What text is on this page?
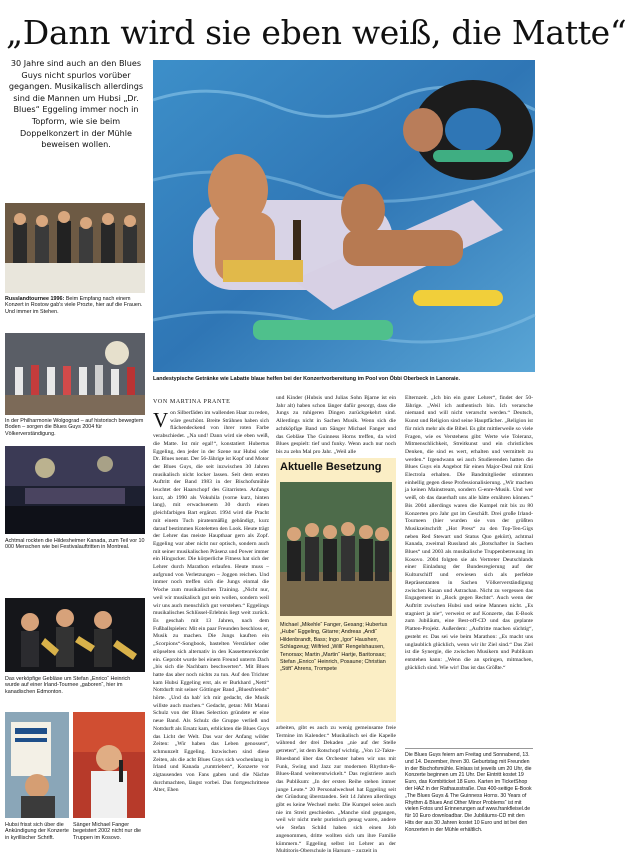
„Dann wird sie eben weiß, die Matte“
30 Jahre sind auch an den Blues Guys nicht spurlos vorüber gegangen. Musikalisch allerdings sind die Mannen um Hubsi „Dr. Blues“ Eggeling immer noch in Topform, wie sie beim Doppelkonzert in der Mühle beweisen wollen.
Landestypische Getränke wie Labatte blaue helfen bei der Konzertvorbereitung im Pool von Öbbi Oberbeck in Lanoraie.
Russlandtournee 1996: Beim Empfang nach einem Konzert in Rostow gab's viele Prozte, hier auf die Frauen. Und immer im Stehen.
In der Philharmonie Wolgograd – auf historisch bewegtem Boden – sorgen die Blues Guys 2004 für Völkerverständigung.
Achtmal rockten die Hildesheimer Kanada, zum Teil vor 10 000 Menschen wie bei Festivalauftritten in Montreal.
Das verköpfige Gebläse um Stefan „Enrico“ Heinrich wurde auf einer Irland-Tournee „gaboren“, hier im kanadischen Edmonton.
Hubsi frisst sich über die Ankündigung der Konzerte in kyrillischer Schrift.
Sänger Michael Fanger begeistert 2002 nicht nur die Truppen im Kosovo.
VON MARTINA PRANTE
Von Silberfäden im wallenden Haar zu reden, wäre geschönt. Breite Strähnen haben sich flächendeckend von ihrer roten Farbe verabschiedet. „Na und! Dann wird sie eben weiß, die Matte. Ist mir egal!“, konstatiert Hubertus Eggeling, den jeder in der Szene nur Hubsi oder Dr. Blues nennt. Der 56-Jährige ist Kopf und Motor der Blues Guys, die seit inzwischen 30 Jahren musikalisch nicht locker lassen. Seit dem ersten Auftritt der Band 1983 in der Bischofsmühle leuchtet der Haarschopf des Gitarristen. Anfangs kurz, ab 1990 als Vokuhila (vorne kurz, hinten lang), mit erwachsenem 30 durch einen gleichfarbigen Bart ergänzt. 1994 wird die Pracht mit einem Tuch piratenmäßig gebändigt, kurz darauf bestimmen Koteletten den Look. Heute trägt der Lehrer das meiste Haupthaar gern als Zopf. Eggeling war aber nicht nur optisch, sondern auch mit seiner musikalischen Präsenz und Power immer ein Hingucker. Die körperliche Fitness hat sich der Lehrer durch Marathon erlaufen. Heute muss – aufgrund von Verletzungen – Joggen reichen. Und immer noch treffen sich die Jungs einmal die Woche zum musikalischen Training. „Nicht nur, weil wir musikalisch gut sein wollen, sondern weil wir uns auch menschlich gut verstehen.“ Eggelings musikalisches Schlüssel-Erlebnis liegt weit zurück. Es geschah mit 13 Jahren, nach dem Fußballspielen: Mit ein paar Freunden beschloss er, Musik zu machen. Die Jungs kauften ein „Scorpions“-Songbook, bastelten Verstärker oder stöpselten sich alternativ in den Kassettenrekorder ein. Geprobt wurde bei einem Freund unterm Dach „bis sich die Nachbarn beschwerten“. Mit Blues hatte das aber noch nichts zu tun. Auf den Trichter kam Hubsi Eggeling erst, als er Burkhard „Netti“ Nottdurft mit seiner Göttinger Band „Bluesfriends“ hörte. „Und da hab' ich mir gedacht, die Musik willste auch machen.“ Gedacht, getan: Mit Manni Schulz von der Blues Selection gründete er eine neue Band. Als Schulz die Gruppe verließ und Nottdurft als Ersatz kam, erblickten die Blues Guys das Licht der Welt. Das war der Anfang wilder Zeiten: „Wir haben das Leben genossen“, schmunzelt Eggeling. Inzwischen sind diese Zeiten, als die acht Blues Guys sich wochenlang in Irland und Kanada „rumtrieben“, Konzerte vor zigtausenden von Fans gaben und die Nächte durchmachten, längst vorbei. Das fortgeschrittene Alter, Ehen
und Kinder (Hubsis und Julias Sohn Bjarne ist ein Jahr alt) haben schon länger dafür gesorgt, dass die Jungs zu ruhigeren Dingen zurückgekehrt sind. Allerdings nicht in Sachen Musik. Wenn sich die achtköpfige Band um Sänger Michael Fanger und das Gebläse The Guinness Horns treffen, da wird Blues gespielt: tief und funky. Wenn auch nur noch bis zu zehn Mal pro Jahr. „Weil alle
Aktuelle Besetzung
Michael „Mikehle“ Fanger, Gesang; Hubertus „Hube“ Eggeling, Gitarre; Andreas „Andi“ Hildenbrandt, Bass; Ingo „Igor“ Hausherr, Schlagzeug; Wilfried „Willi“ Rengelshausen, Tenorsax; Martin „Martin“ Hartje, Baritonsax; Stefan „Enrico“ Heinrich, Posaune; Christian „Stift“ Ahrens, Trompete
arbeiten, gibt es auch zu wenig gemeinsame freie Termine im Kalender.“ Musikalisch sei die Kapelle während der drei Dekaden „nie auf der Stelle getreten“, ist dem Rotschopf wichtig. „Von 12-Takte-Bluesband über das Orchester haben wir uns mit Funk, Swing und Jazz zur modernen Rhythm-&-Blues-Band weiterentwickelt.“ Das registriere auch das Publikum: „In der ersten Reihe stehen immer junge Leute.“ 20 Personalwechsel hat Eggeling seit der Gründung überstanden. Seit 14 Jahren allerdings gibt es keine Wechsel mehr. Die Kumpel seien auch nie im Streit geschieden. „Manche sind gegangen, weil wir nicht mehr puristisch genug waren, andere wie Stefan Schild haben sich einen Job angenommen, dritte wollten sich um ihre Familie kümmern.“ Eggeling selbst ist Lehrer an der Multitoris-Oberschule in Harsum – zurzeit in
Elternzeit. „Ich bin ein guter Lehrer“, findet der 50-Jährige. „Weil ich authentisch bin. Ich verarsche niemand und will nicht verarscht werden.“ Deutsch, Kunst und Religion sind seine Hauptfächer. „Religion ist für mich mehr als die Bibel. Es gibt mittlerweile so viele Fragen, wie es Verstehens gibt: Werte wie Toleranz, Mitmenschlichkeit, Streitkunst und ein christliches Denken, die sind es wert, erhalten und vermittelt zu werden.“ Irgendwann sei auch Studierenden hatten die Blues Guys ein Angebot für einen Major-Deal mit Emi Electrola erhalten. Die Bandmitglieder stimmten einhellig gegen diese Professionalisierung. „Wir machen ja keinen Mainstream, sondern G-enre-Musik. Und wer weiß, ob das dauerhaft uns alle hätte ernähren können.“ Bis 2004 allerdings waren die Kumpel mit bis zu 80 Konzerten pro Jahr gut im Geschäft. Drei große Irland-Tourneen (hier wurden sie von der größten Musikzeitschrift „Hot Press“ zu den Top-Ten-Gigs neben Red Stewart und Status Quo gekürt), achtmal Kanada, zweimal Russland als „Botschafter in Sachen Blues“ und 2003 als musikalische Truppenbetreuung im Kosovo. 2004 folgten sie als Vertreter Deutschlands einer Einladung der Bundesregierung auf der Kulturschiff und erwiesen sich als perfekte Repräsentanten in Sachen Völkerverständigung zwischen Kasan und Astrachan. Nicht zu vergessen das Engagement in „Rock gegen Rechts“. Auch wenn der Auftritt zwischen Hubsi und seine Mannen nicht. „Es stagniert ja nie“, verweist er auf Konzerte, das E-Book zum Jubiläum, eine Best-off-CD und das geplante Platten-Projekt. Außerdem: „Auftritte machen süchtig“, gesteht er. Das sei wie beim Marathon: „Es macht uns unglaublich glücklich, wenn wir ihr Ziel sind.“ Das Ziel ist die Synergie, die zwischen Musikern und Publikum entstehen kann: „Wenn die an springen, mitmachen, glücklich sind. Wie wir! Das ist das Größte.“
Die Blues Guys feiern am Freitag und Sonnabend, 13. und 14. Dezember, ihren 30. Geburtstag mit Freunden in der Bischofsmühle. Einlass ist jeweils um 20 Uhr, die Konzerte beginnen um 21 Uhr. Der Eintritt kostet 19 Euro, das Kombiticket 18 Euro. Karten im TicketShop der HAZ in der Rathausstraße. Das 400-seitige E-Book „The Blues Guys & The Guinness Horns. 30 Years of Rhythm & Blues And Other Minor Problems“ ist mit vielen Fotos und Erinnerungen auf www.frankfleisel.de für 10 Euro downloadbar. Die Jubiläums-CD mit den Hits der aus 30 Jahren kostet 10 Euro und ist bei den Konzerten in der Mühle erhältlich.
